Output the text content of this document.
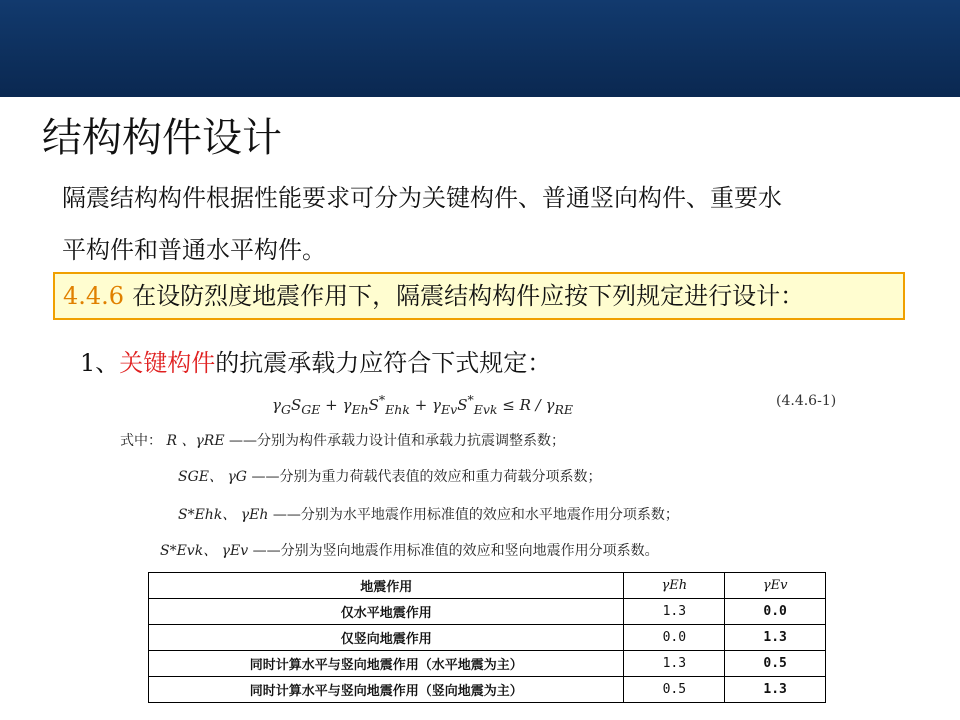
结构构件设计
隔震结构构件根据性能要求可分为关键构件、普通竖向构件、重要水
平构件和普通水平构件。
4.4.6 在设防烈度地震作用下，隔震结构构件应按下列规定进行设计：
1、关键构件的抗震承载力应符合下式规定：
$\gamma_GS_{GE} + \gamma_{Eh}S^*_{Ehk} + \gamma_{Ev}S^*_{Evk} \le R / \gamma_{RE}$
(4.4.6-1)
式中： R 、γRE ——分别为构件承载力设计值和承载力抗震调整系数；
SGE、 γG ——分别为重力荷载代表值的效应和重力荷载分项系数；
S*Ehk、 γEh ——分别为水平地震作用标准值的效应和水平地震作用分项系数；
S*Evk、 γEv ——分别为竖向地震作用标准值的效应和竖向地震作用分项系数。
地震作用	γEh	γEv
仅水平地震作用	1.3	0.0
仅竖向地震作用	0.0	1.3
同时计算水平与竖向地震作用（水平地震为主）	1.3	0.5
同时计算水平与竖向地震作用（竖向地震为主）	0.5	1.3
